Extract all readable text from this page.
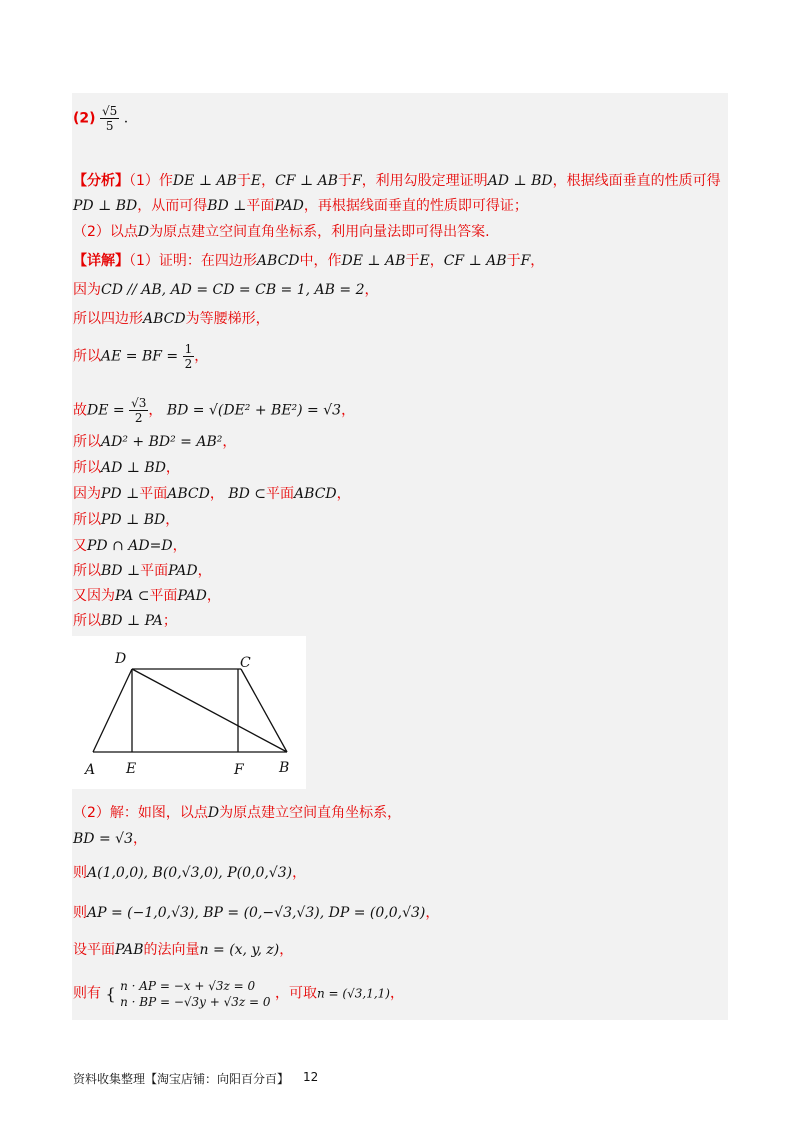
$(2) \frac{√5}{5}$ .
【分析】（1）作DE ⊥ AB于E，CF ⊥ AB于F，利用勾股定理证明AD ⊥ BD，根据线面垂直的性质可得
PD ⊥ BD，从而可得BD ⊥平面PAD，再根据线面垂直的性质即可得证；
（2）以点D为原点建立空间直角坐标系，利用向量法即可得出答案.
【详解】（1）证明：在四边形ABCD中，作DE ⊥ AB于E，CF ⊥ AB于F，
因为CD // AB, AD = CD = CB = 1, AB = 2，
所以四边形ABCD为等腰梯形，
所以AE = BF = $\frac{1}{2}$ ，
故DE = $\frac{√3}{2}$ ， BD = √(DE² + BE²) = √3，
所以AD² + BD² = AB²，
所以AD ⊥ BD，
因为PD ⊥平面ABCD， BD ⊂平面ABCD，
所以PD ⊥ BD，
又PD ∩ AD=D，
所以BD ⊥平面PAD，
又因为PA ⊂平面PAD，
所以BD ⊥ PA；
D	C
A E	F	B
（2）解：如图，以点D为原点建立空间直角坐标系，
BD = √3，
则A(1,0,0), B(0,√3,0), P(0,0,√3)，
则AP = (−1,0,√3), BP = (0,−√3,√3), DP = (0,0,√3)，
设平面PAB的法向量n = (x, y, z)，
则有 { n · AP = −x + √3z = 0
n · BP = −√3y + √3z = 0
，可取n = (√3,1,1)，
资料收集整理【淘宝店铺：向阳百分百】 12
